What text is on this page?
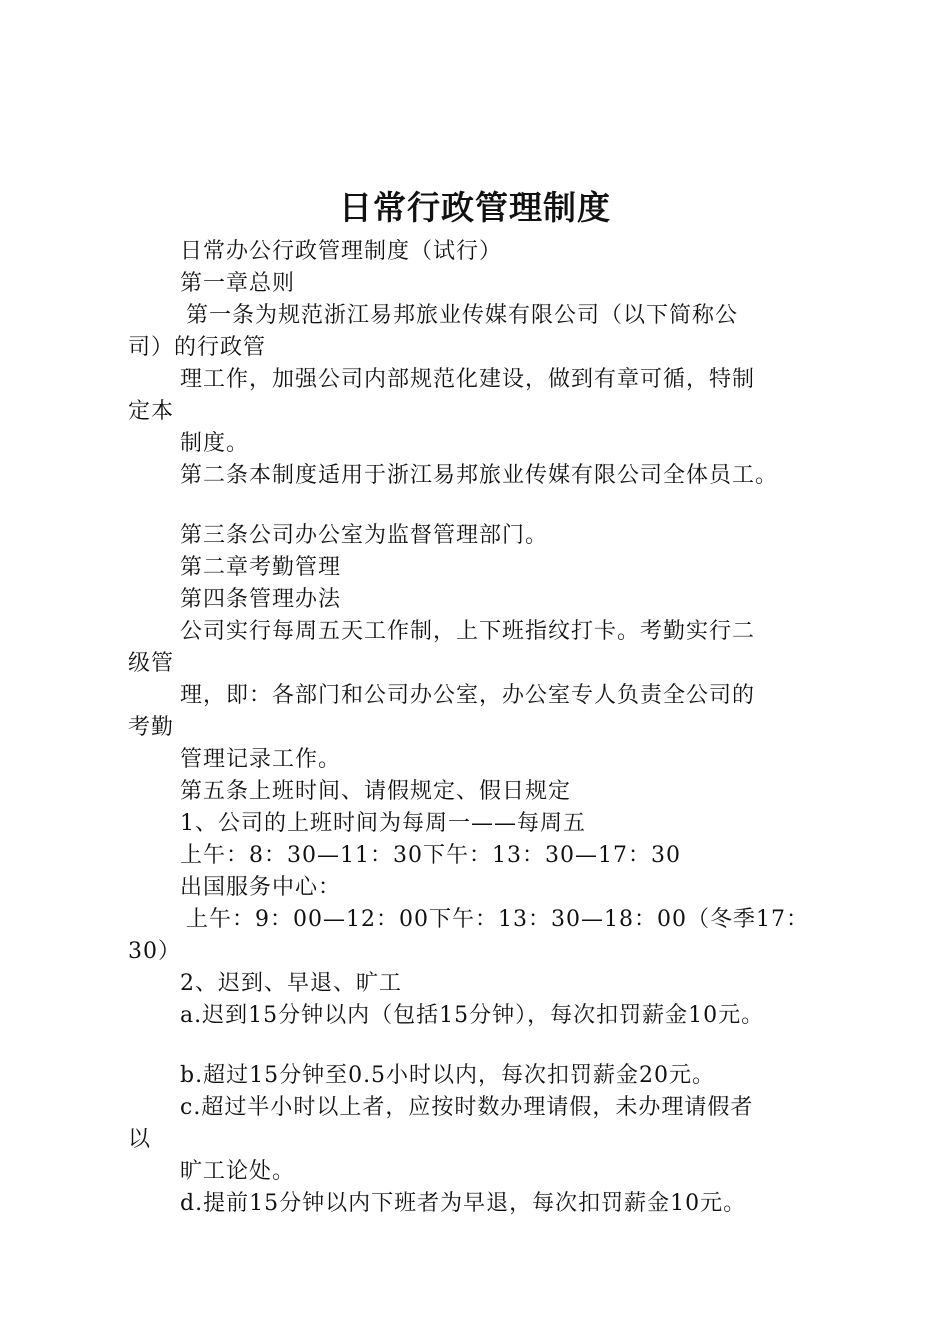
日常行政管理制度
日常办公行政管理制度（试行）
第一章总则
第一条为规范浙江易邦旅业传媒有限公司（以下简称公
司）的行政管
理工作，加强公司内部规范化建设，做到有章可循，特制
定本
制度。
第二条本制度适用于浙江易邦旅业传媒有限公司全体员工。
第三条公司办公室为监督管理部门。
第二章考勤管理
第四条管理办法
公司实行每周五天工作制，上下班指纹打卡。考勤实行二
级管
理，即：各部门和公司办公室，办公室专人负责全公司的
考勤
管理记录工作。
第五条上班时间、请假规定、假日规定
1、公司的上班时间为每周一——每周五
上午：8：30—11：30下午：13：30—17：30
出国服务中心：
上午：9：00—12：00下午：13：30—18：00（冬季17：
30）
2、迟到、早退、旷工
a.迟到15分钟以内（包括15分钟），每次扣罚薪金10元。
b.超过15分钟至0.5小时以内，每次扣罚薪金20元。
c.超过半小时以上者，应按时数办理请假，未办理请假者
以
旷工论处。
d.提前15分钟以内下班者为早退，每次扣罚薪金10元。
